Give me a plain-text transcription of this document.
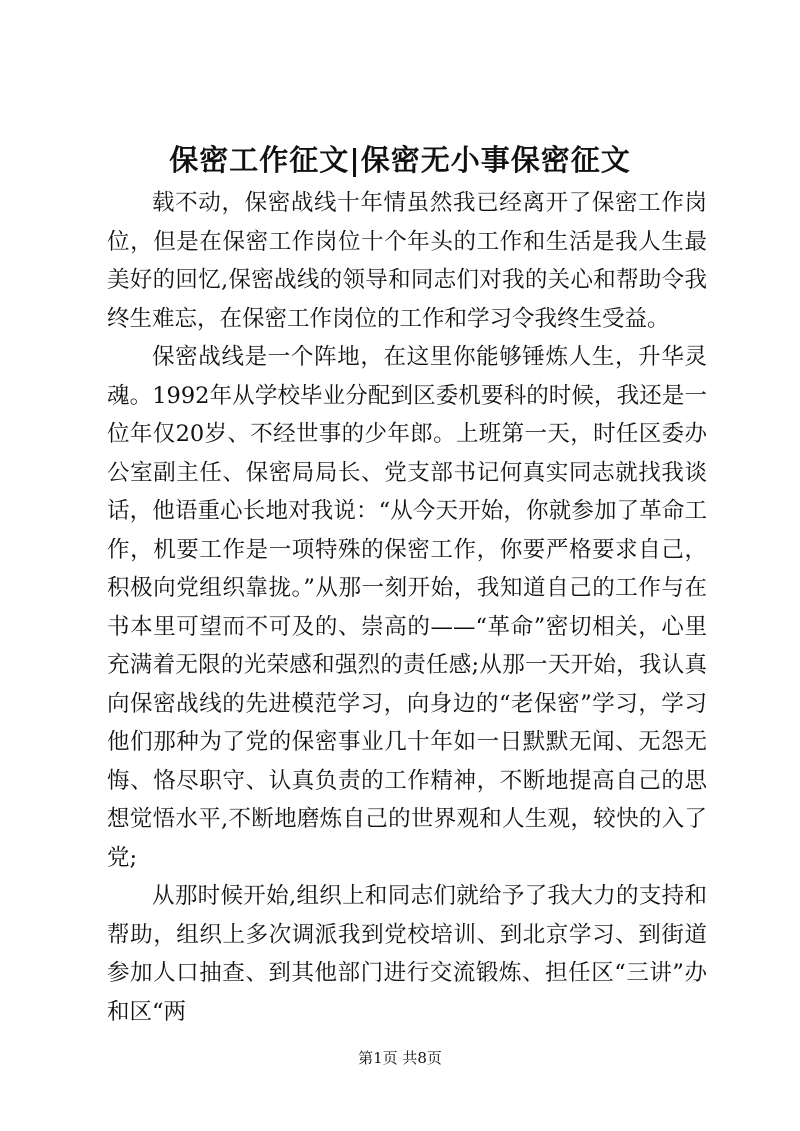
保密工作征文|保密无小事保密征文

载不动，保密战线十年情虽然我已经离开了保密工作岗位，但是在保密工作岗位十个年头的工作和生活是我人生最美好的回忆,保密战线的领导和同志们对我的关心和帮助令我终生难忘，在保密工作岗位的工作和学习令我终生受益。

保密战线是一个阵地，在这里你能够锤炼人生，升华灵魂。1992年从学校毕业分配到区委机要科的时候，我还是一位年仅20岁、不经世事的少年郎。上班第一天，时任区委办公室副主任、保密局局长、党支部书记何真实同志就找我谈话，他语重心长地对我说：“从今天开始，你就参加了革命工作，机要工作是一项特殊的保密工作，你要严格要求自己，积极向党组织靠拢。”从那一刻开始，我知道自己的工作与在书本里可望而不可及的、崇高的——“革命”密切相关，心里充满着无限的光荣感和强烈的责任感;从那一天开始，我认真向保密战线的先进模范学习，向身边的“老保密”学习，学习他们那种为了党的保密事业几十年如一日默默无闻、无怨无悔、恪尽职守、认真负责的工作精神，不断地提高自己的思想觉悟水平,不断地磨炼自己的世界观和人生观，较快的入了党;

从那时候开始,组织上和同志们就给予了我大力的支持和帮助，组织上多次调派我到党校培训、到北京学习、到街道参加人口抽查、到其他部门进行交流锻炼、担任区“三讲”办和区“两

第1页 共8页
